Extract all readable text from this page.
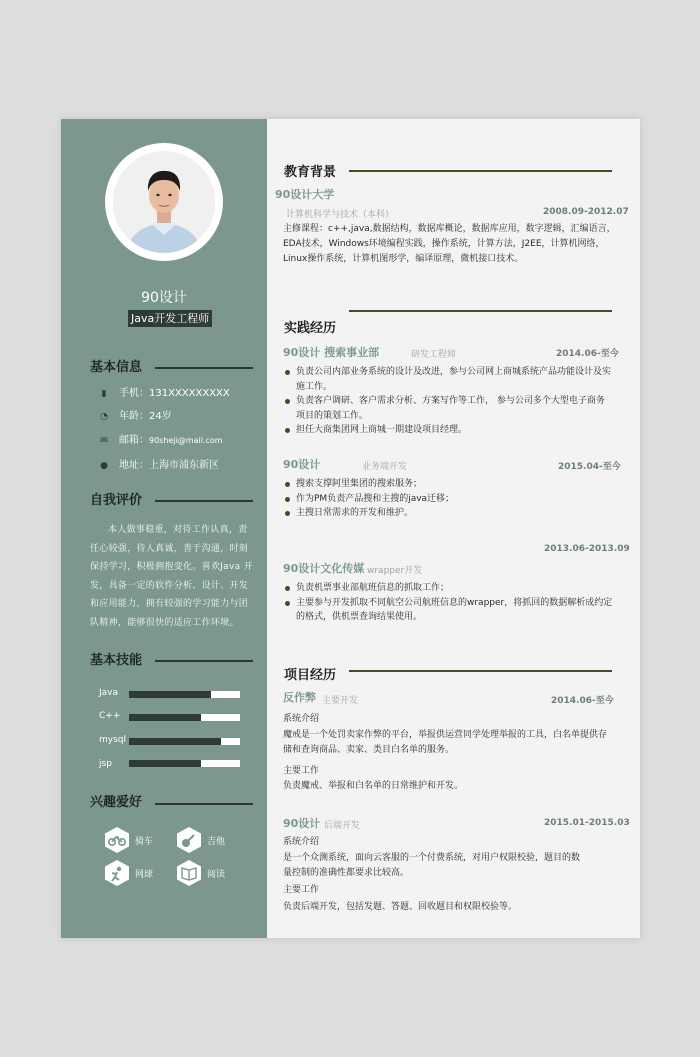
90设计
Java开发工程师
基本信息
▮ 手机：131XXXXXXXXX
◔ 年龄：24岁
✉ 邮箱：90sheji@mail.com
● 地址：上海市浦东新区
自我评价
本人做事稳重，对待工作认真，责任心较强，待人真诚，善于沟通，时刻保持学习，积极拥抱变化。喜欢Java 开发，具备一定的软件分析、设计、开发和应用能力，拥有较强的学习能力与团队精神，能够很快的适应工作环境。
基本技能
Java
C++
mysql
jsp
兴趣爱好
骑车	吉他
网球	阅读
教育背景
90设计大学
计算机科学与技术（本科）	2008.09-2012.07
主修课程：c++,java,数据结构，数据库概论，数据库应用，数字逻辑，汇编语言，EDA技术，Windows环境编程实践，操作系统，计算方法，J2EE，计算机网络，Linux操作系统，计算机图形学，编译原理，微机接口技术。
实践经历
90设计 搜索事业部	研发工程师	2014.06-至今
负责公司内部业务系统的设计及改进，参与公司网上商城系统产品功能设计及实施工作。
负责客户调研、客户需求分析、方案写作等工作， 参与公司多个大型电子商务项目的策划工作。
担任大商集团网上商城一期建设项目经理。
90设计	业务端开发	2015.04-至今
搜索支撑阿里集团的搜索服务；
作为PM负责产品搜和主搜的java迁移；
主搜日常需求的开发和维护。
2013.06-2013.09
90设计文化传媒 wrapper开发
负责机票事业部航班信息的抓取工作；
主要参与开发抓取不同航空公司航班信息的wrapper，将抓回的数据解析成约定的格式，供机票查询结果使用。
项目经历
反作弊 主要开发	2014.06-至今
系统介绍
魔戒是一个处罚卖家作弊的平台，举报供运营同学处理举报的工具，白名单提供存储和查询商品、卖家、类目白名单的服务。
主要工作
负责魔戒、举报和白名单的日常维护和开发。
90设计 后端开发	2015.01-2015.03
系统介绍
是一个众测系统，面向云客服的一个付费系统，对用户权限校验，题目的数量控制的准确性都要求比较高。
主要工作
负责后端开发，包括发题、答题、回收题目和权限校验等。
